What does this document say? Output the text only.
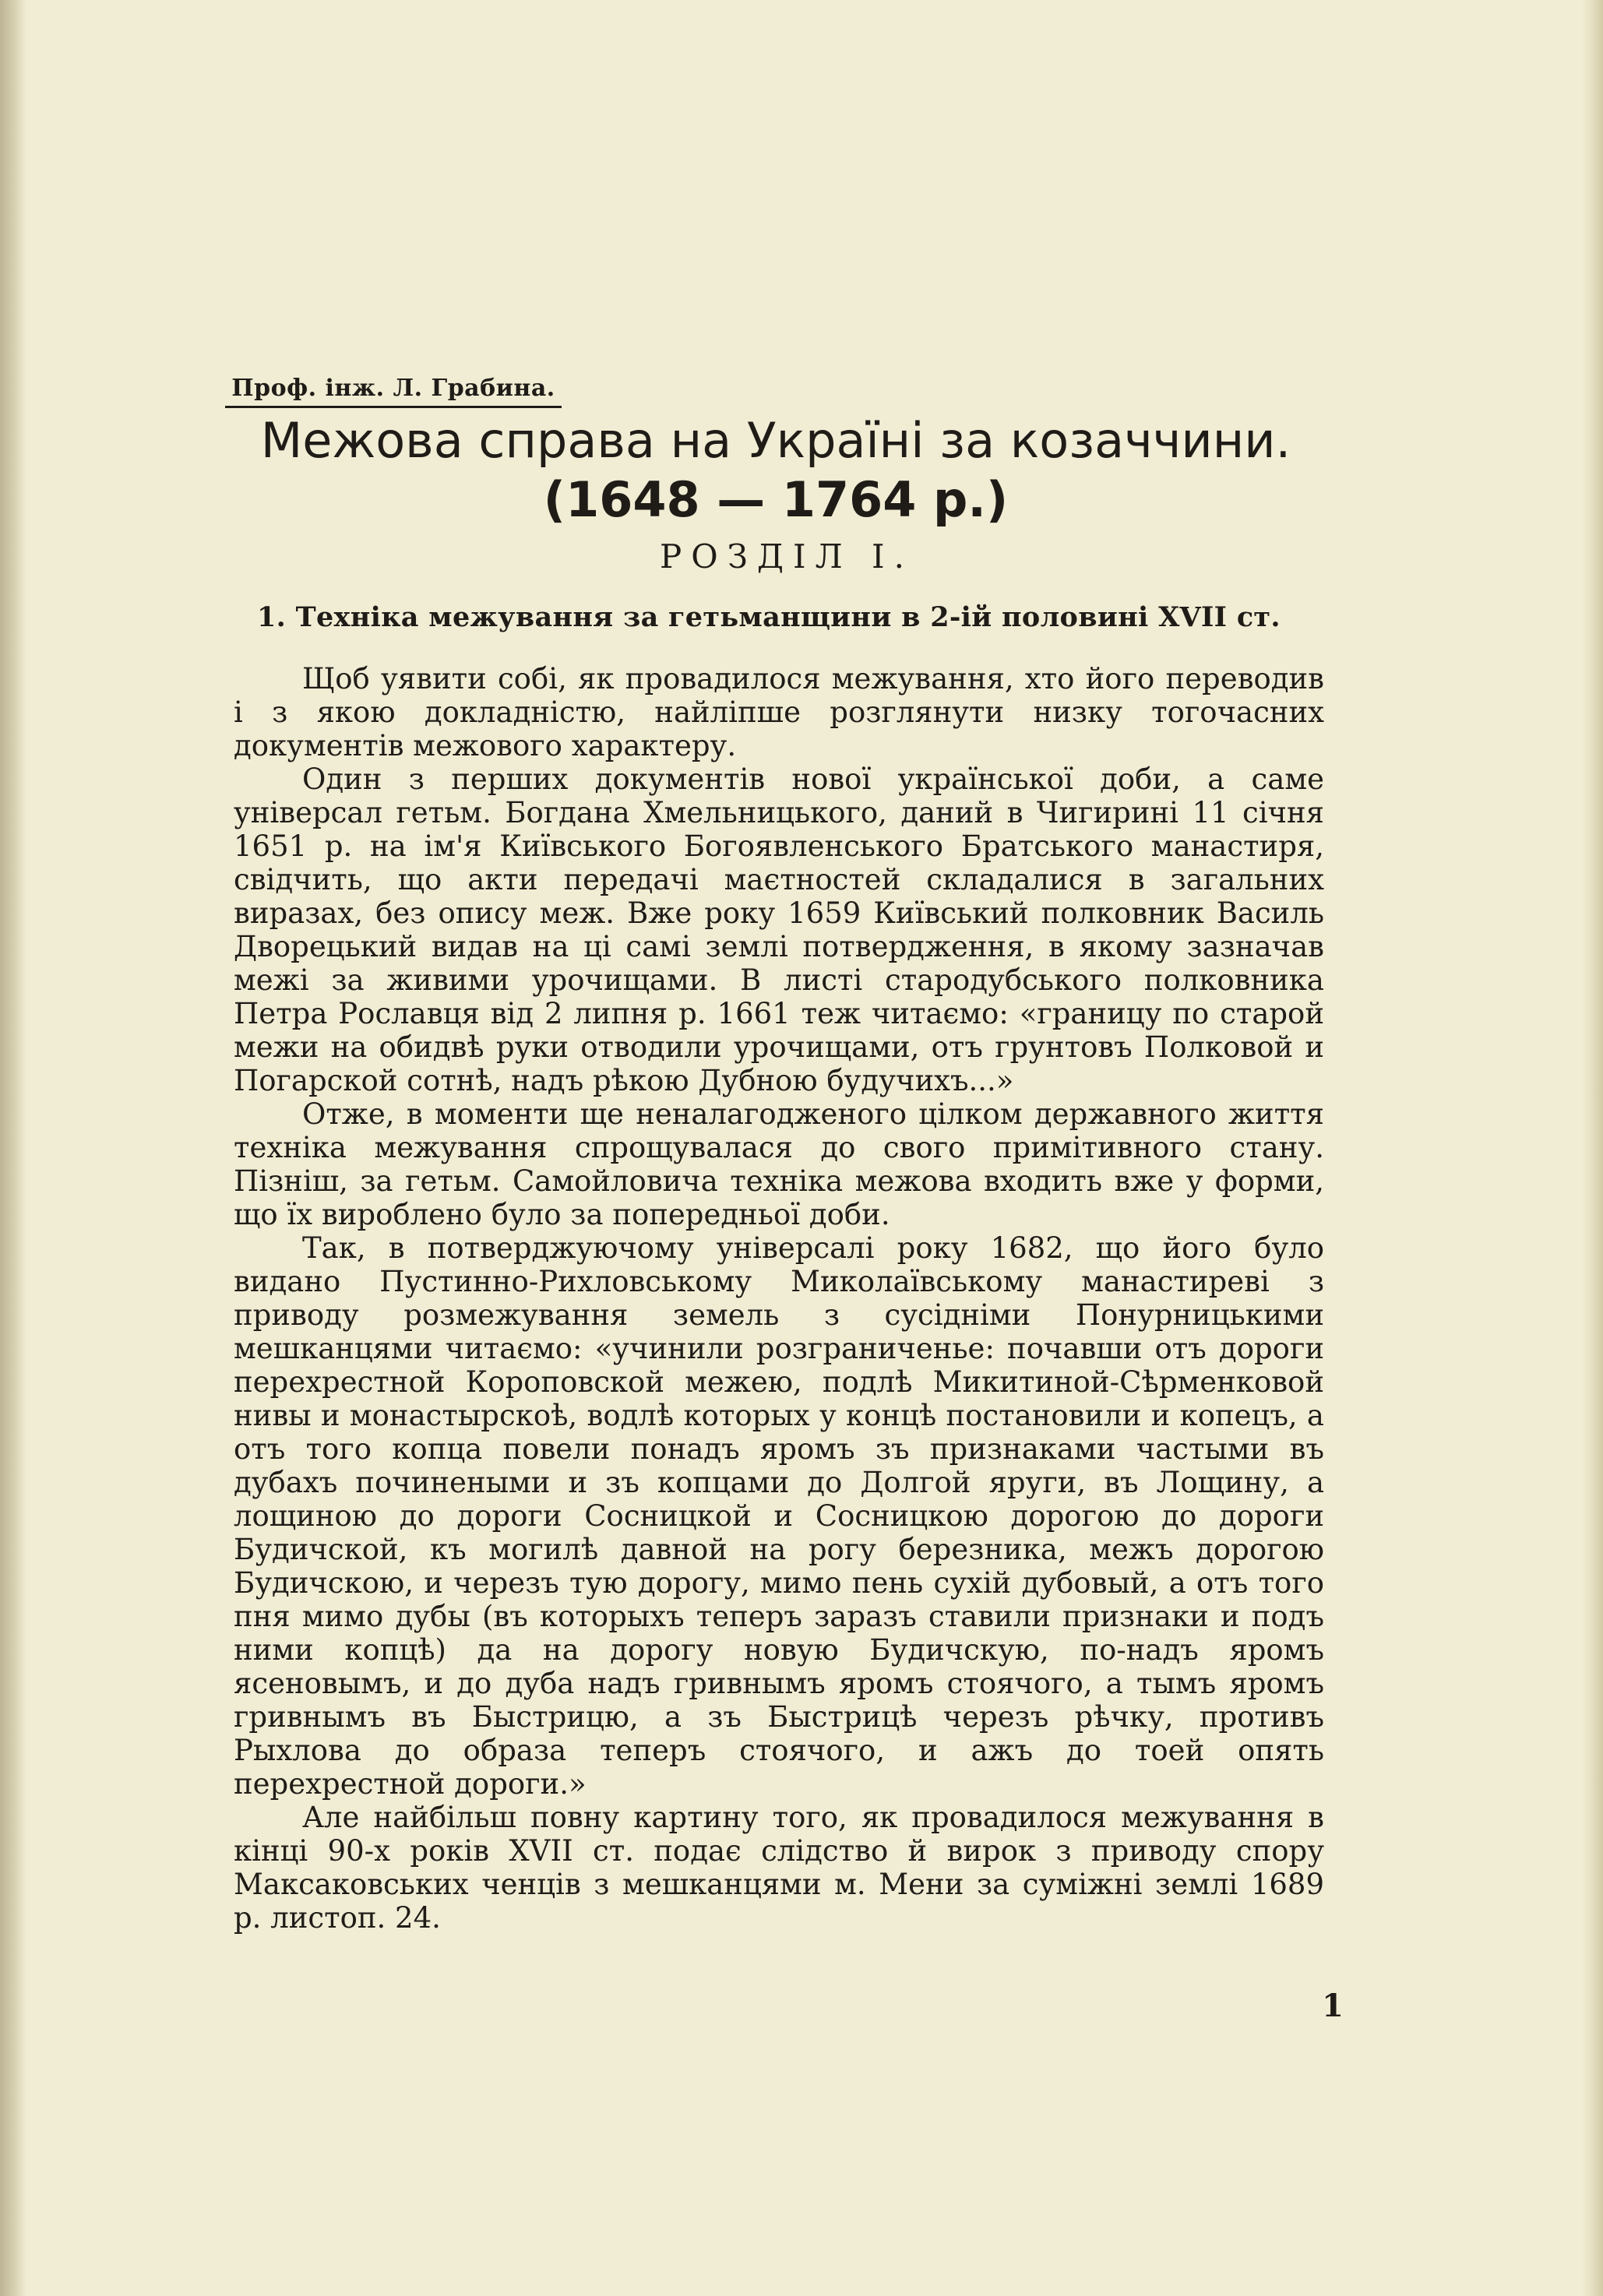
Проф. інж. Л. Грабина.
Межова справа на Україні за козаччини.
(1648 — 1764 р.)
РОЗДІЛ І.
1. Техніка межування за гетьманщини в 2-ій половині XVII ст.

Щоб уявити собі, як провадилося межування, хто його переводив і з якою докладністю, найліпше розглянути низку тогочасних документів межового характеру.

Один з перших документів нової української доби, а саме універсал гетьм. Богдана Хмельницького, даний в Чигирині 11 січня 1651 р. на ім'я Київського Богоявленського Братського манастиря, свідчить, що акти передачі маєтностей складалися в загальних виразах, без опису меж. Вже року 1659 Київський полковник Василь Дворецький видав на ці самі землі потвердження, в якому зазначав межі за живими урочищами. В листі стародубського полковника Петра Рославця від 2 липня р. 1661 теж читаємо: «границу по старой межи на обидвѣ руки отводили урочищами, отъ грунтовъ Полковой и Погарской сотнѣ, надъ рѣкою Дубною будучихъ...»

Отже, в моменти ще неналагодженого цілком державного життя техніка межування спрощувалася до свого примітивного стану. Пізніш, за гетьм. Самойловича техніка межова входить вже у форми, що їх вироблено було за попередньої доби.

Так, в потверджуючому універсалі року 1682, що його було видано Пустинно-Рихловському Миколаївському манастиреві з приводу розмежування земель з сусідніми Понурницькими мешканцями читаємо: «учинили розграниченье: почавши отъ дороги перехрестной Короповской межею, подлѣ Микитиной-Сѣрменковой нивы и монастырскоѣ, водлѣ которых у концѣ постановили и копецъ, а отъ того копца повели понадъ яромъ зъ признаками частыми въ дубахъ починеными и зъ копцами до Долгой яруги, въ Лощину, а лощиною до дороги Сосницкой и Сосницкою дорогою до дороги Будичской, къ могилѣ давной на рогу березника, межъ дорогою Будичскою, и черезъ тую дорогу, мимо пень сухій дубовый, а отъ того пня мимо дубы (въ которыхъ теперъ заразъ ставили признаки и подъ ними копцѣ) да на дорогу новую Будичскую, по-надъ яромъ ясеновымъ, и до дуба надъ гривнымъ яромъ стоячого, а тымъ яромъ гривнымъ въ Быстрицю, а зъ Быстрицѣ черезъ рѣчку, противъ Рыхлова до образа теперъ стоячого, и ажъ до тоей опять перехрестной дороги.»

Але найбільш повну картину того, як провадилося межування в кінці 90-х років XVII ст. подає слідство й вирок з приводу спору Максаковських ченців з мешканцями м. Мени за суміжні землі 1689 р. листоп. 24.

1
